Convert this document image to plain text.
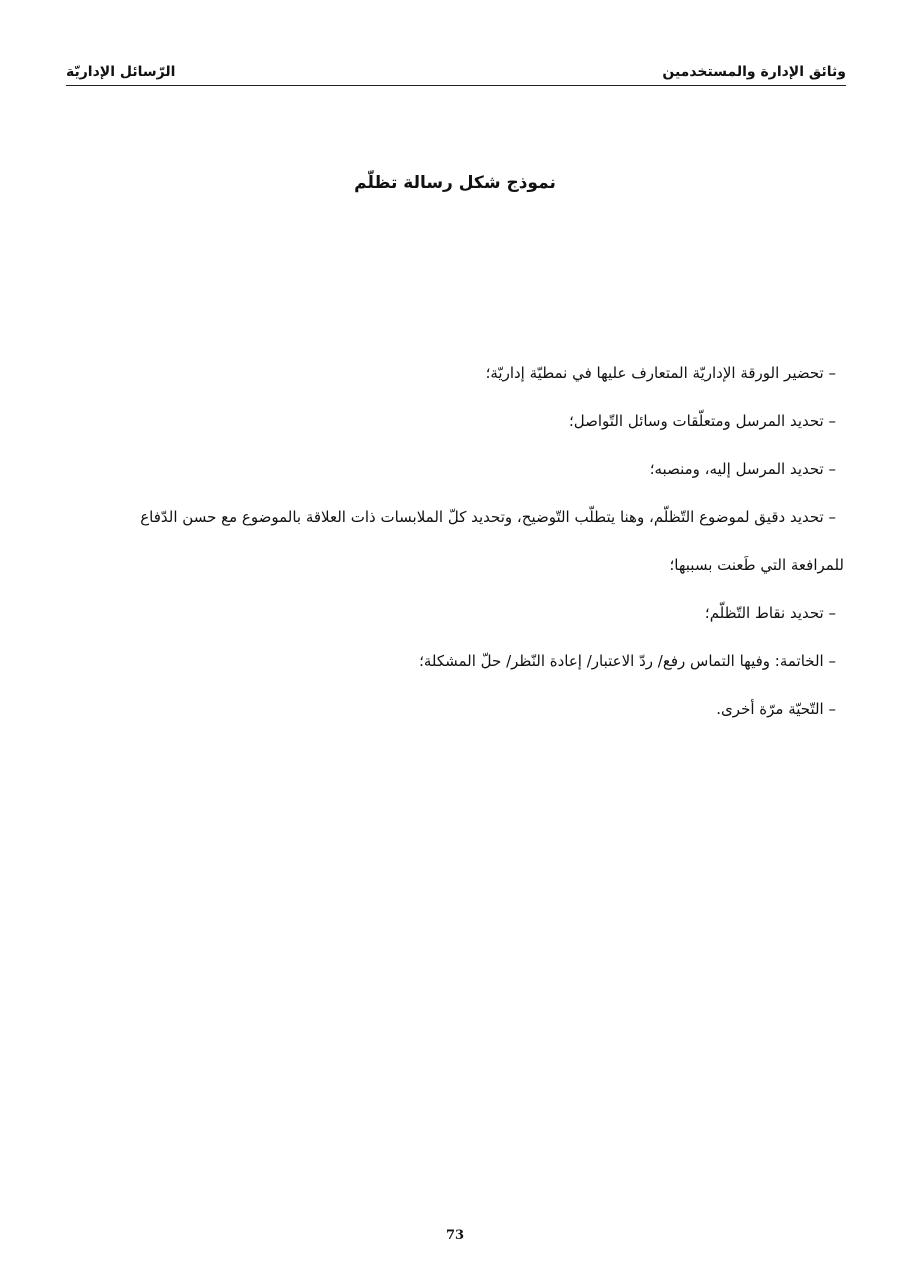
وثائق الإدارة والمستخدمين
الرّسائل الإداريّة
نموذج شكل رسالة تظلّم
– تحضير الورقة الإداريّة المتعارف عليها في نمطيّة إداريّة؛
– تحديد المرسل ومتعلّقات وسائل التّواصل؛
– تحديد المرسل إليه، ومنصبه؛
– تحديد دقيق لموضوع التّظلّم، وهنا يتطلّب التّوضيح، وتحديد كلّ الملابسات ذات العلاقة بالموضوع مع حسن الدّفاع
للمرافعة التي طَعنت بسببها؛
– تحديد نقاط التّظلّم؛
– الخاتمة: وفيها التماس رفع/ ردّ الاعتبار/ إعادة النّظر/ حلّ المشكلة؛
– التّحيّة مرّة أخرى.
73
